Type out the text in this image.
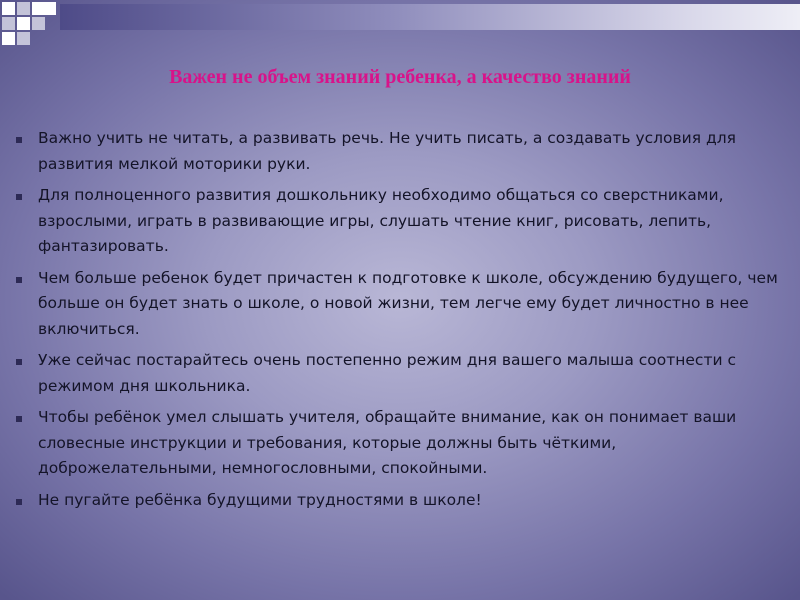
Важен не объем знаний ребенка, а качество знаний
Важно учить не читать, а развивать речь. Не учить писать, а создавать условия для развития мелкой моторики руки.
Для полноценного развития дошкольнику необходимо общаться со сверстниками, взрослыми, играть в развивающие игры, слушать чтение книг, рисовать, лепить, фантазировать.
Чем больше ребенок будет причастен к подготовке к школе, обсуждению будущего, чем больше он будет знать о школе, о новой жизни, тем легче ему будет личностно в нее включиться.
Уже сейчас постарайтесь очень постепенно режим дня вашего малыша соотнести с режимом дня школьника.
Чтобы ребёнок умел слышать учителя, обращайте внимание, как он понимает ваши словесные инструкции и требования, которые должны быть чёткими, доброжелательными, немногословными, спокойными.
Не пугайте ребёнка будущими трудностями в школе!
